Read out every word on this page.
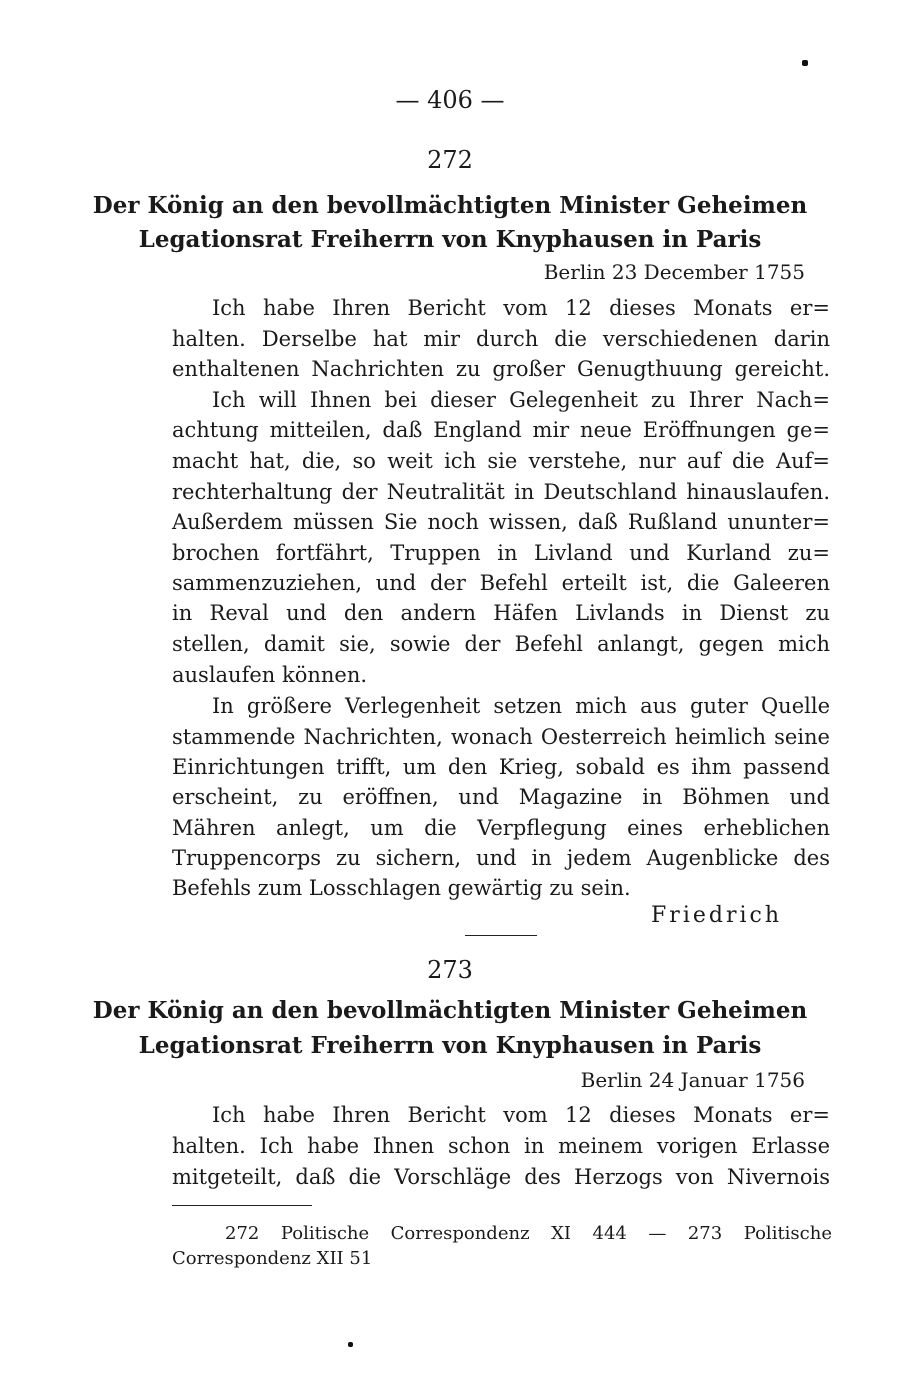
— 406 —
272
Der König an den bevollmächtigten Minister Geheimen
Legationsrat Freiherrn von Knyphausen in Paris
Berlin 23 December 1755
Ich habe Ihren Bericht vom 12 dieses Monats er=
halten. Derselbe hat mir durch die verschiedenen darin
enthaltenen Nachrichten zu großer Genugthuung gereicht.
Ich will Ihnen bei dieser Gelegenheit zu Ihrer Nach=
achtung mitteilen, daß England mir neue Eröffnungen ge=
macht hat, die, so weit ich sie verstehe, nur auf die Auf=
rechterhaltung der Neutralität in Deutschland hinauslaufen.
Außerdem müssen Sie noch wissen, daß Rußland ununter=
brochen fortfährt, Truppen in Livland und Kurland zu=
sammenzuziehen, und der Befehl erteilt ist, die Galeeren
in Reval und den andern Häfen Livlands in Dienst zu
stellen, damit sie, sowie der Befehl anlangt, gegen mich
auslaufen können.
In größere Verlegenheit setzen mich aus guter Quelle
stammende Nachrichten, wonach Oesterreich heimlich seine
Einrichtungen trifft, um den Krieg, sobald es ihm passend
erscheint, zu eröffnen, und Magazine in Böhmen und
Mähren anlegt, um die Verpflegung eines erheblichen
Truppencorps zu sichern, und in jedem Augenblicke des
Befehls zum Losschlagen gewärtig zu sein.
Friedrich
273
Der König an den bevollmächtigten Minister Geheimen
Legationsrat Freiherrn von Knyphausen in Paris
Berlin 24 Januar 1756
Ich habe Ihren Bericht vom 12 dieses Monats er=
halten. Ich habe Ihnen schon in meinem vorigen Erlasse
mitgeteilt, daß die Vorschläge des Herzogs von Nivernois
272 Politische Correspondenz XI 444 — 273 Politische
Correspondenz XII 51
